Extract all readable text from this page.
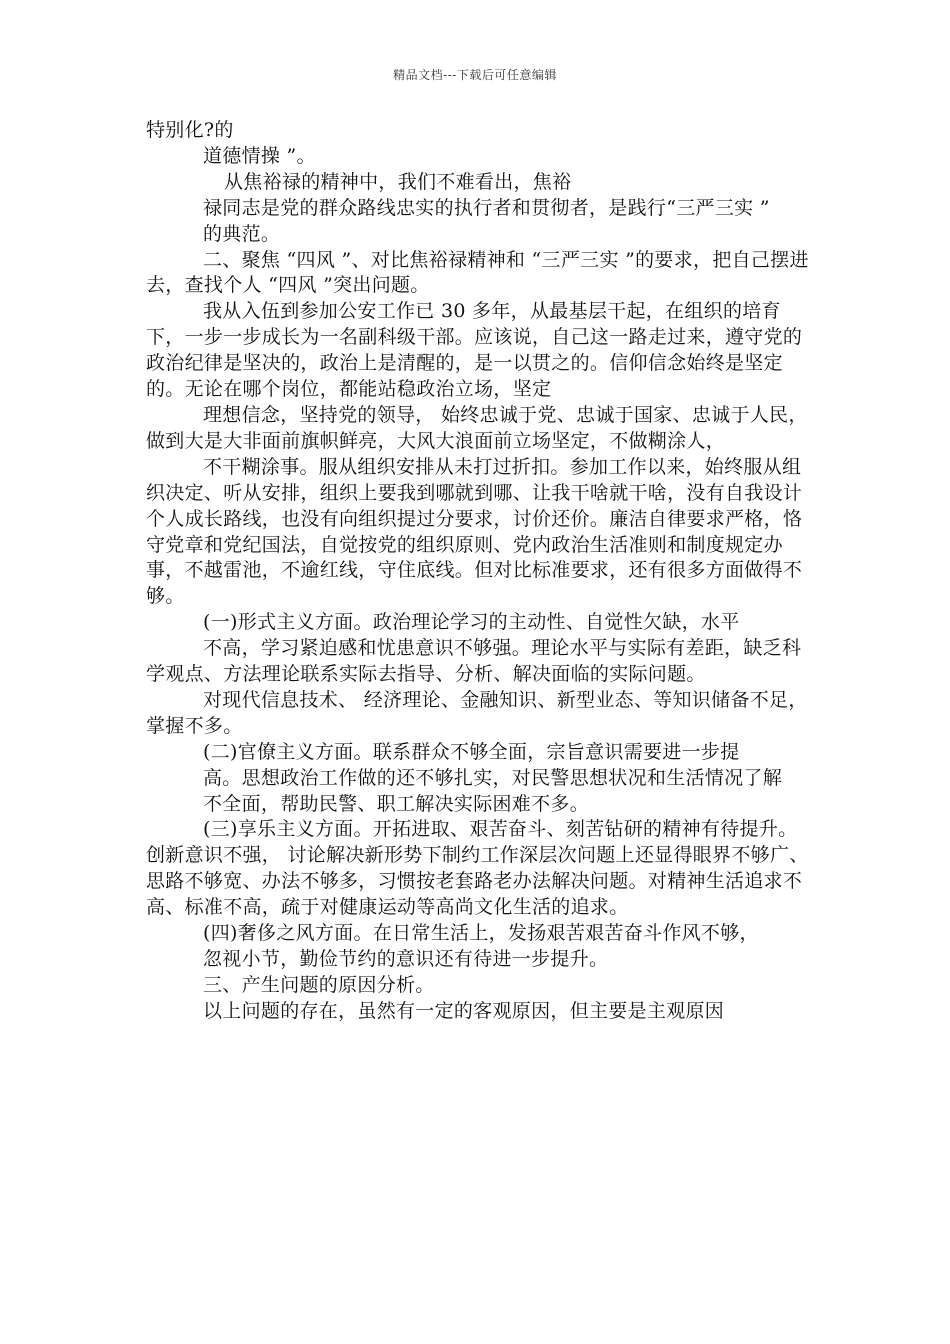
精品文档---下载后可任意编辑

特别化?的

道德情操 ”。

从焦裕禄的精神中，我们不难看出，焦裕

禄同志是党的群众路线忠实的执行者和贯彻者，是践行“三严三实 ”

的典范。

二、聚焦 “四风 ”、对比焦裕禄精神和 “三严三实 ”的要求，把自己摆进去，查找个人 “四风 ”突出问题。

我从入伍到参加公安工作已 30 多年，从最基层干起，在组织的培育下，一步一步成长为一名副科级干部。应该说，自己这一路走过来，遵守党的政治纪律是坚决的，政治上是清醒的，是一以贯之的。信仰信念始终是坚定的。无论在哪个岗位，都能站稳政治立场，坚定

理想信念，坚持党的领导， 始终忠诚于党、忠诚于国家、忠诚于人民，做到大是大非面前旗帜鲜亮，大风大浪面前立场坚定，不做糊涂人，

不干糊涂事。服从组织安排从未打过折扣。参加工作以来，始终服从组织决定、听从安排，组织上要我到哪就到哪、让我干啥就干啥，没有自我设计个人成长路线，也没有向组织提过分要求，讨价还价。廉洁自律要求严格，恪守党章和党纪国法，自觉按党的组织原则、党内政治生活准则和制度规定办事，不越雷池，不逾红线，守住底线。但对比标准要求，还有很多方面做得不够。

(一)形式主义方面。政治理论学习的主动性、自觉性欠缺，水平

不高，学习紧迫感和忧患意识不够强。理论水平与实际有差距，缺乏科学观点、方法理论联系实际去指导、分析、解决面临的实际问题。

对现代信息技术、 经济理论、金融知识、新型业态、等知识储备不足，掌握不多。

(二)官僚主义方面。联系群众不够全面，宗旨意识需要进一步提

高。思想政治工作做的还不够扎实，对民警思想状况和生活情况了解

不全面，帮助民警、职工解决实际困难不多。

(三)享乐主义方面。开拓进取、艰苦奋斗、刻苦钻研的精神有待提升。创新意识不强， 讨论解决新形势下制约工作深层次问题上还显得眼界不够广、思路不够宽、办法不够多，习惯按老套路老办法解决问题。对精神生活追求不高、标准不高，疏于对健康运动等高尚文化生活的追求。

(四)奢侈之风方面。在日常生活上，发扬艰苦艰苦奋斗作风不够，

忽视小节，勤俭节约的意识还有待进一步提升。

三、产生问题的原因分析。

以上问题的存在，虽然有一定的客观原因，但主要是主观原因
